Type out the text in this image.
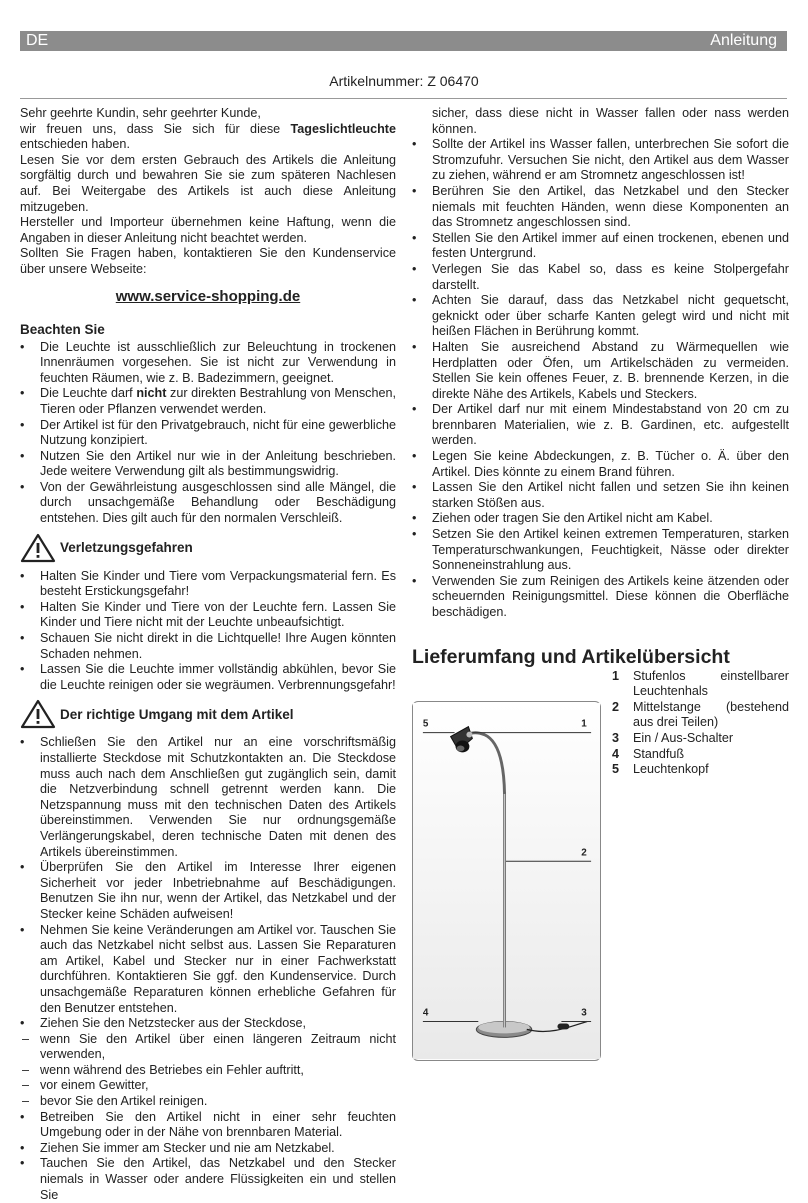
DE	Anleitung
Artikelnummer: Z 06470

Sehr geehrte Kundin, sehr geehrter Kunde,

wir freuen uns, dass Sie sich für diese Tageslichtleuchte entschieden haben.

Lesen Sie vor dem ersten Gebrauch des Artikels die Anleitung sorgfältig durch und bewahren Sie sie zum späteren Nachlesen auf. Bei Weitergabe des Artikels ist auch diese Anleitung mitzugeben.

Hersteller und Importeur übernehmen keine Haftung, wenn die Angaben in dieser Anleitung nicht beachtet werden.

Sollten Sie Fragen haben, kontaktieren Sie den Kundenservice über unsere Webseite:

www.service-shopping.de
Beachten Sie
• Die Leuchte ist ausschließlich zur Beleuchtung in trockenen Innenräumen vorgesehen. Sie ist nicht zur Verwendung in feuchten Räumen, wie z. B. Badezimmern, geeignet.
• Die Leuchte darf nicht zur direkten Bestrahlung von Menschen, Tieren oder Pflanzen verwendet werden.
• Der Artikel ist für den Privatgebrauch, nicht für eine gewerbliche Nutzung konzipiert.
• Nutzen Sie den Artikel nur wie in der Anleitung beschrieben. Jede weitere Verwendung gilt als bestimmungswidrig.
• Von der Gewährleistung ausgeschlossen sind alle Mängel, die durch unsachgemäße Behandlung oder Beschädigung entstehen. Dies gilt auch für den normalen Verschleiß.
Verletzungsgefahren
• Halten Sie Kinder und Tiere vom Verpackungsmaterial fern. Es besteht Erstickungsgefahr!
• Halten Sie Kinder und Tiere von der Leuchte fern. Lassen Sie Kinder und Tiere nicht mit der Leuchte unbeaufsichtigt.
• Schauen Sie nicht direkt in die Lichtquelle! Ihre Augen könnten Schaden nehmen.
• Lassen Sie die Leuchte immer vollständig abkühlen, bevor Sie die Leuchte reinigen oder sie wegräumen. Verbrennungsgefahr!
Der richtige Umgang mit dem Artikel
• Schließen Sie den Artikel nur an eine vorschriftsmäßig installierte Steckdose mit Schutzkontakten an. Die Steckdose muss auch nach dem Anschließen gut zugänglich sein, damit die Netzverbindung schnell getrennt werden kann. Die Netzspannung muss mit den technischen Daten des Artikels übereinstimmen. Verwenden Sie nur ordnungsgemäße Verlängerungskabel, deren technische Daten mit denen des Artikels übereinstimmen.
• Überprüfen Sie den Artikel im Interesse Ihrer eigenen Sicherheit vor jeder Inbetriebnahme auf Beschädigungen. Benutzen Sie ihn nur, wenn der Artikel, das Netzkabel und der Stecker keine Schäden aufweisen!
• Nehmen Sie keine Veränderungen am Artikel vor. Tauschen Sie auch das Netzkabel nicht selbst aus. Lassen Sie Reparaturen am Artikel, Kabel und Stecker nur in einer Fachwerkstatt durchführen. Kontaktieren Sie ggf. den Kundenservice. Durch unsachgemäße Reparaturen können erhebliche Gefahren für den Benutzer entstehen.
• Ziehen Sie den Netzstecker aus der Steckdose,
– wenn Sie den Artikel über einen längeren Zeitraum nicht verwenden,
– wenn während des Betriebes ein Fehler auftritt,
– vor einem Gewitter,
– bevor Sie den Artikel reinigen.
• Betreiben Sie den Artikel nicht in einer sehr feuchten Umgebung oder in der Nähe von brennbaren Material.
• Ziehen Sie immer am Stecker und nie am Netzkabel.
• Tauchen Sie den Artikel, das Netzkabel und den Stecker niemals in Wasser oder andere Flüssigkeiten ein und stellen Sie

sicher, dass diese nicht in Wasser fallen oder nass werden können.

• Sollte der Artikel ins Wasser fallen, unterbrechen Sie sofort die Stromzufuhr. Versuchen Sie nicht, den Artikel aus dem Wasser zu ziehen, während er am Stromnetz angeschlossen ist!
• Berühren Sie den Artikel, das Netzkabel und den Stecker niemals mit feuchten Händen, wenn diese Komponenten an das Stromnetz angeschlossen sind.
• Stellen Sie den Artikel immer auf einen trockenen, ebenen und festen Untergrund.
• Verlegen Sie das Kabel so, dass es keine Stolpergefahr darstellt.
• Achten Sie darauf, dass das Netzkabel nicht gequetscht, geknickt oder über scharfe Kanten gelegt wird und nicht mit heißen Flächen in Berührung kommt.
• Halten Sie ausreichend Abstand zu Wärmequellen wie Herdplatten oder Öfen, um Artikelschäden zu vermeiden. Stellen Sie kein offenes Feuer, z. B. brennende Kerzen, in die direkte Nähe des Artikels, Kabels und Steckers.
• Der Artikel darf nur mit einem Mindestabstand von 20 cm zu brennbaren Materialien, wie z. B. Gardinen, etc. aufgestellt werden.
• Legen Sie keine Abdeckungen, z. B. Tücher o. Ä. über den Artikel. Dies könnte zu einem Brand führen.
• Lassen Sie den Artikel nicht fallen und setzen Sie ihn keinen starken Stößen aus.
• Ziehen oder tragen Sie den Artikel nicht am Kabel.
• Setzen Sie den Artikel keinen extremen Temperaturen, starken Temperaturschwankungen, Feuchtigkeit, Nässe oder direkter Sonneneinstrahlung aus.
• Verwenden Sie zum Reinigen des Artikels keine ätzenden oder scheuernden Reinigungsmittel. Diese können die Oberfläche beschädigen.
Lieferumfang und Artikelübersicht
5	1
2
4	3
1 Stufenlos einstellbarer Leuchtenhals
2 Mittelstange (bestehend aus drei Teilen)
3 Ein / Aus-Schalter
4 Standfuß
5 Leuchtenkopf
